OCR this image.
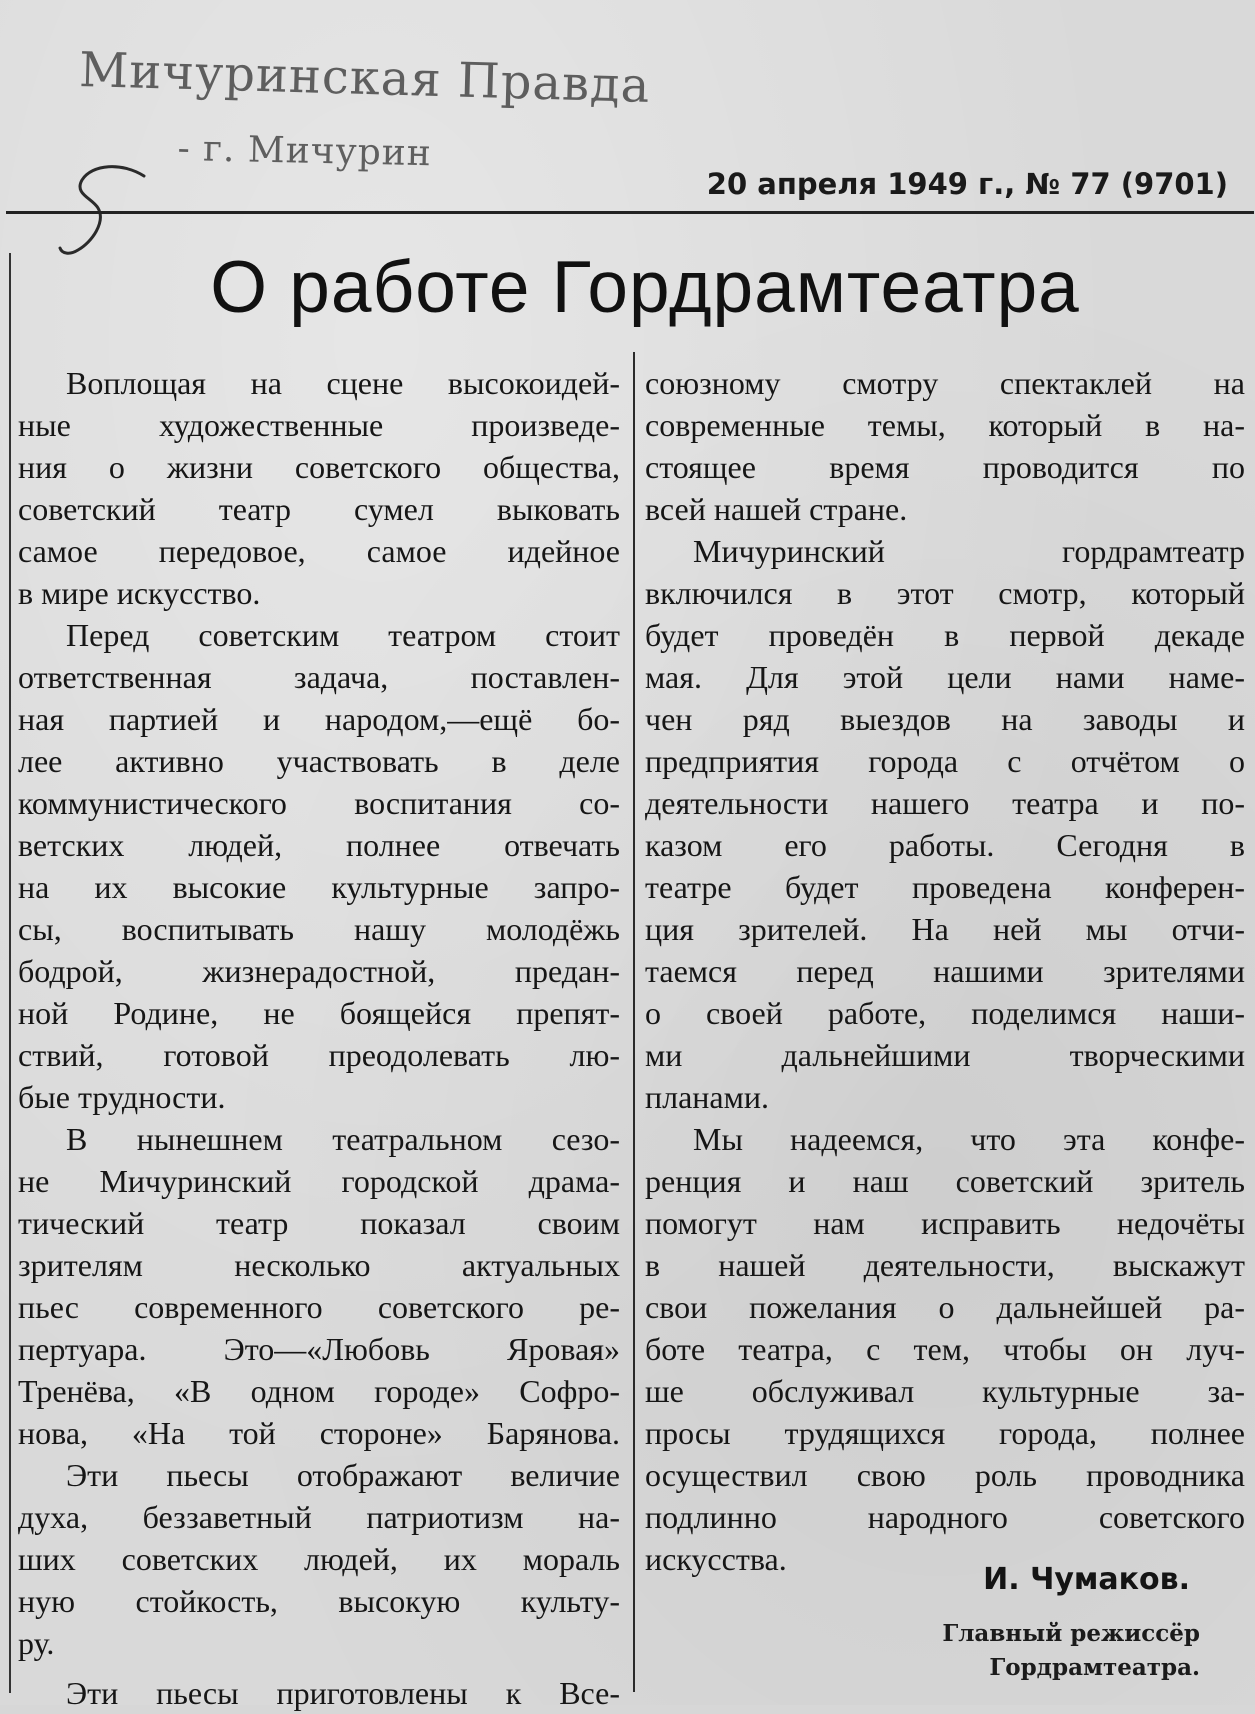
Мичуринская Правда
- г. Мичурин
20 апреля 1949 г., № 77 (9701)
О работе Гордрамтеатра
Воплощая на сцене высокоидей-
ные художественные произведе-
ния о жизни советского общества,
советский театр сумел выковать
самое передовое, самое идейное
в мире искусство.
Перед советским театром стоит
ответственная задача, поставлен-
ная партией и народом,—ещё бо-
лее активно участвовать в деле
коммунистического воспитания со-
ветских людей, полнее отвечать
на их высокие культурные запро-
сы, воспитывать нашу молодёжь
бодрой, жизнерадостной, предан-
ной Родине, не боящейся препят-
ствий, готовой преодолевать лю-
бые трудности.
В нынешнем театральном сезо-
не Мичуринский городской драма-
тический театр показал своим
зрителям несколько актуальных
пьес современного советского ре-
пертуара. Это—«Любовь Яровая»
Тренёва, «В одном городе» Софро-
нова, «На той стороне» Барянова.
Эти пьесы отображают величие
духа, беззаветный патриотизм на-
ших советских людей, их мораль
ную стойкость, высокую культу-
ру.
Эти пьесы приготовлены к Все-
союзному смотру спектаклей на
современные темы, который в на-
стоящее время проводится по
всей нашей стране.
Мичуринский гордрамтеатр
включился в этот смотр, который
будет проведён в первой декаде
мая. Для этой цели нами наме-
чен ряд выездов на заводы и
предприятия города с отчётом о
деятельности нашего театра и по-
казом его работы. Сегодня в
театре будет проведена конферен-
ция зрителей. На ней мы отчи-
таемся перед нашими зрителями
о своей работе, поделимся наши-
ми дальнейшими творческими
планами.
Мы надеемся, что эта конфе-
ренция и наш советский зритель
помогут нам исправить недочёты
в нашей деятельности, выскажут
свои пожелания о дальнейшей ра-
боте театра, с тем, чтобы он луч-
ше обслуживал культурные за-
просы трудящихся города, полнее
осуществил свою роль проводника
подлинно народного советского
искусства.
И. Чумаков.
Главный режиссёр
Гордрамтеатра.
